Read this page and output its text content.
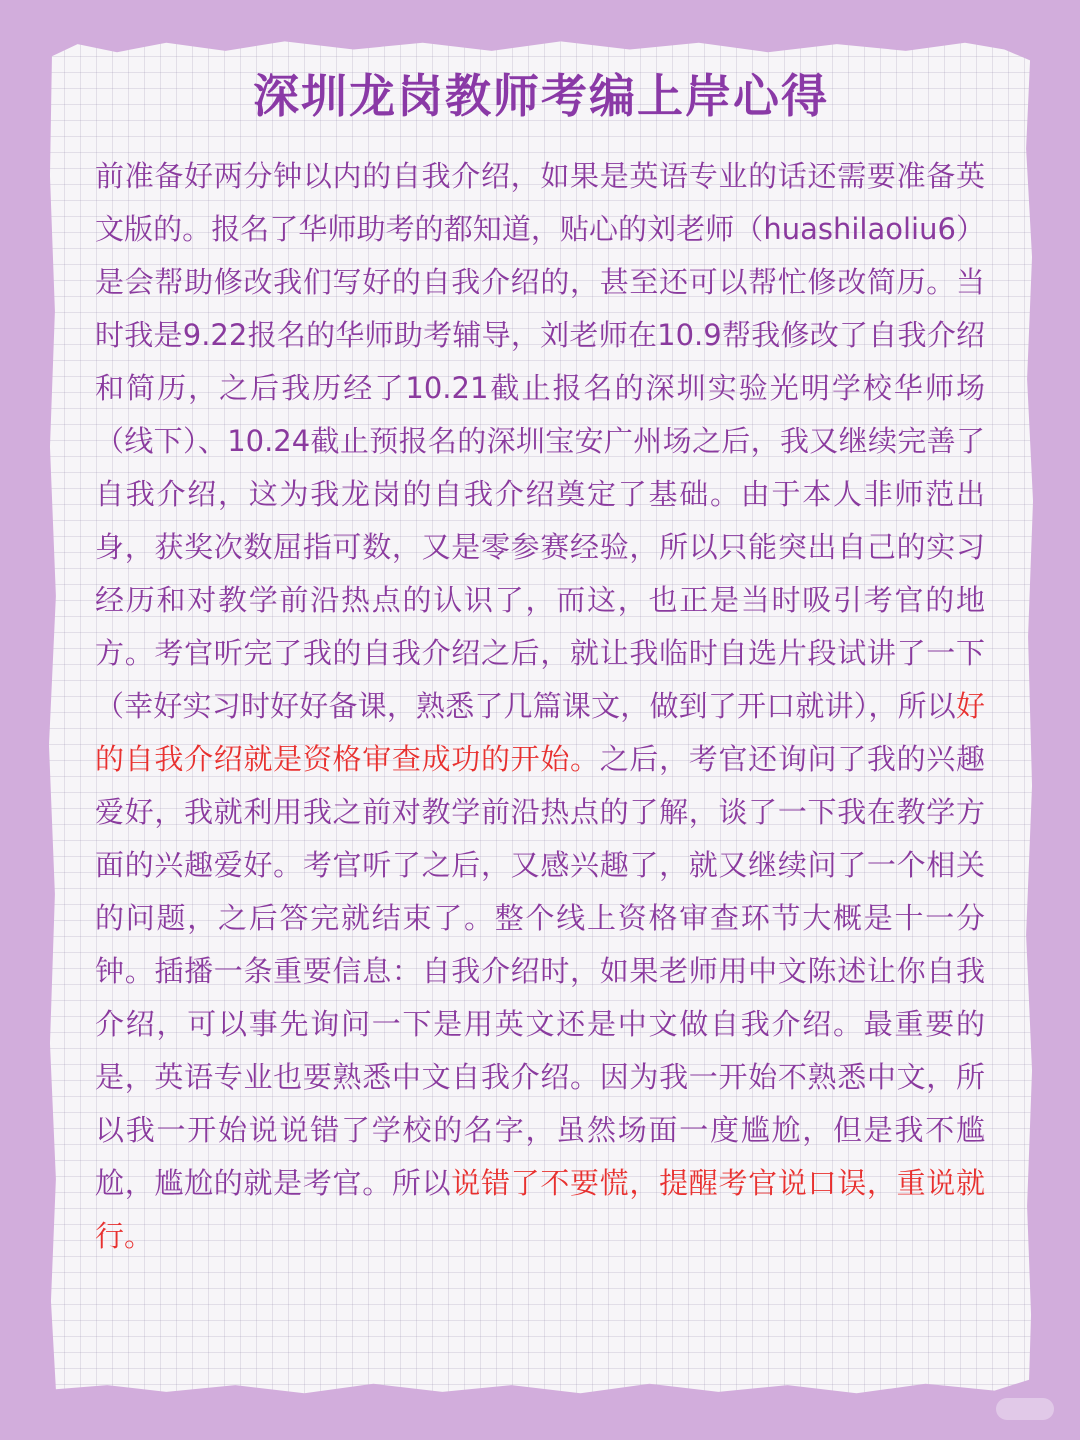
深圳龙岗教师考编上岸心得

前准备好两分钟以内的自我介绍，如果是英语专业的话还需要准备英文版的。报名了华师助考的都知道，贴心的刘老师（huashilaoliu6）是会帮助修改我们写好的自我介绍的，甚至还可以帮忙修改简历。当时我是9.22报名的华师助考辅导，刘老师在10.9帮我修改了自我介绍和简历，之后我历经了10.21截止报名的深圳实验光明学校华师场（线下）、10.24截止预报名的深圳宝安广州场之后，我又继续完善了自我介绍，这为我龙岗的自我介绍奠定了基础。由于本人非师范出身，获奖次数屈指可数，又是零参赛经验，所以只能突出自己的实习经历和对教学前沿热点的认识了，而这，也正是当时吸引考官的地方。考官听完了我的自我介绍之后，就让我临时自选片段试讲了一下（幸好实习时好好备课，熟悉了几篇课文，做到了开口就讲），所以好的自我介绍就是资格审查成功的开始。之后，考官还询问了我的兴趣爱好，我就利用我之前对教学前沿热点的了解，谈了一下我在教学方面的兴趣爱好。考官听了之后，又感兴趣了，就又继续问了一个相关的问题，之后答完就结束了。整个线上资格审查环节大概是十一分钟。插播一条重要信息：自我介绍时，如果老师用中文陈述让你自我介绍，可以事先询问一下是用英文还是中文做自我介绍。最重要的是，英语专业也要熟悉中文自我介绍。因为我一开始不熟悉中文，所以我一开始说说错了学校的名字，虽然场面一度尴尬，但是我不尴尬，尴尬的就是考官。所以说错了不要慌，提醒考官说口误，重说就行。
